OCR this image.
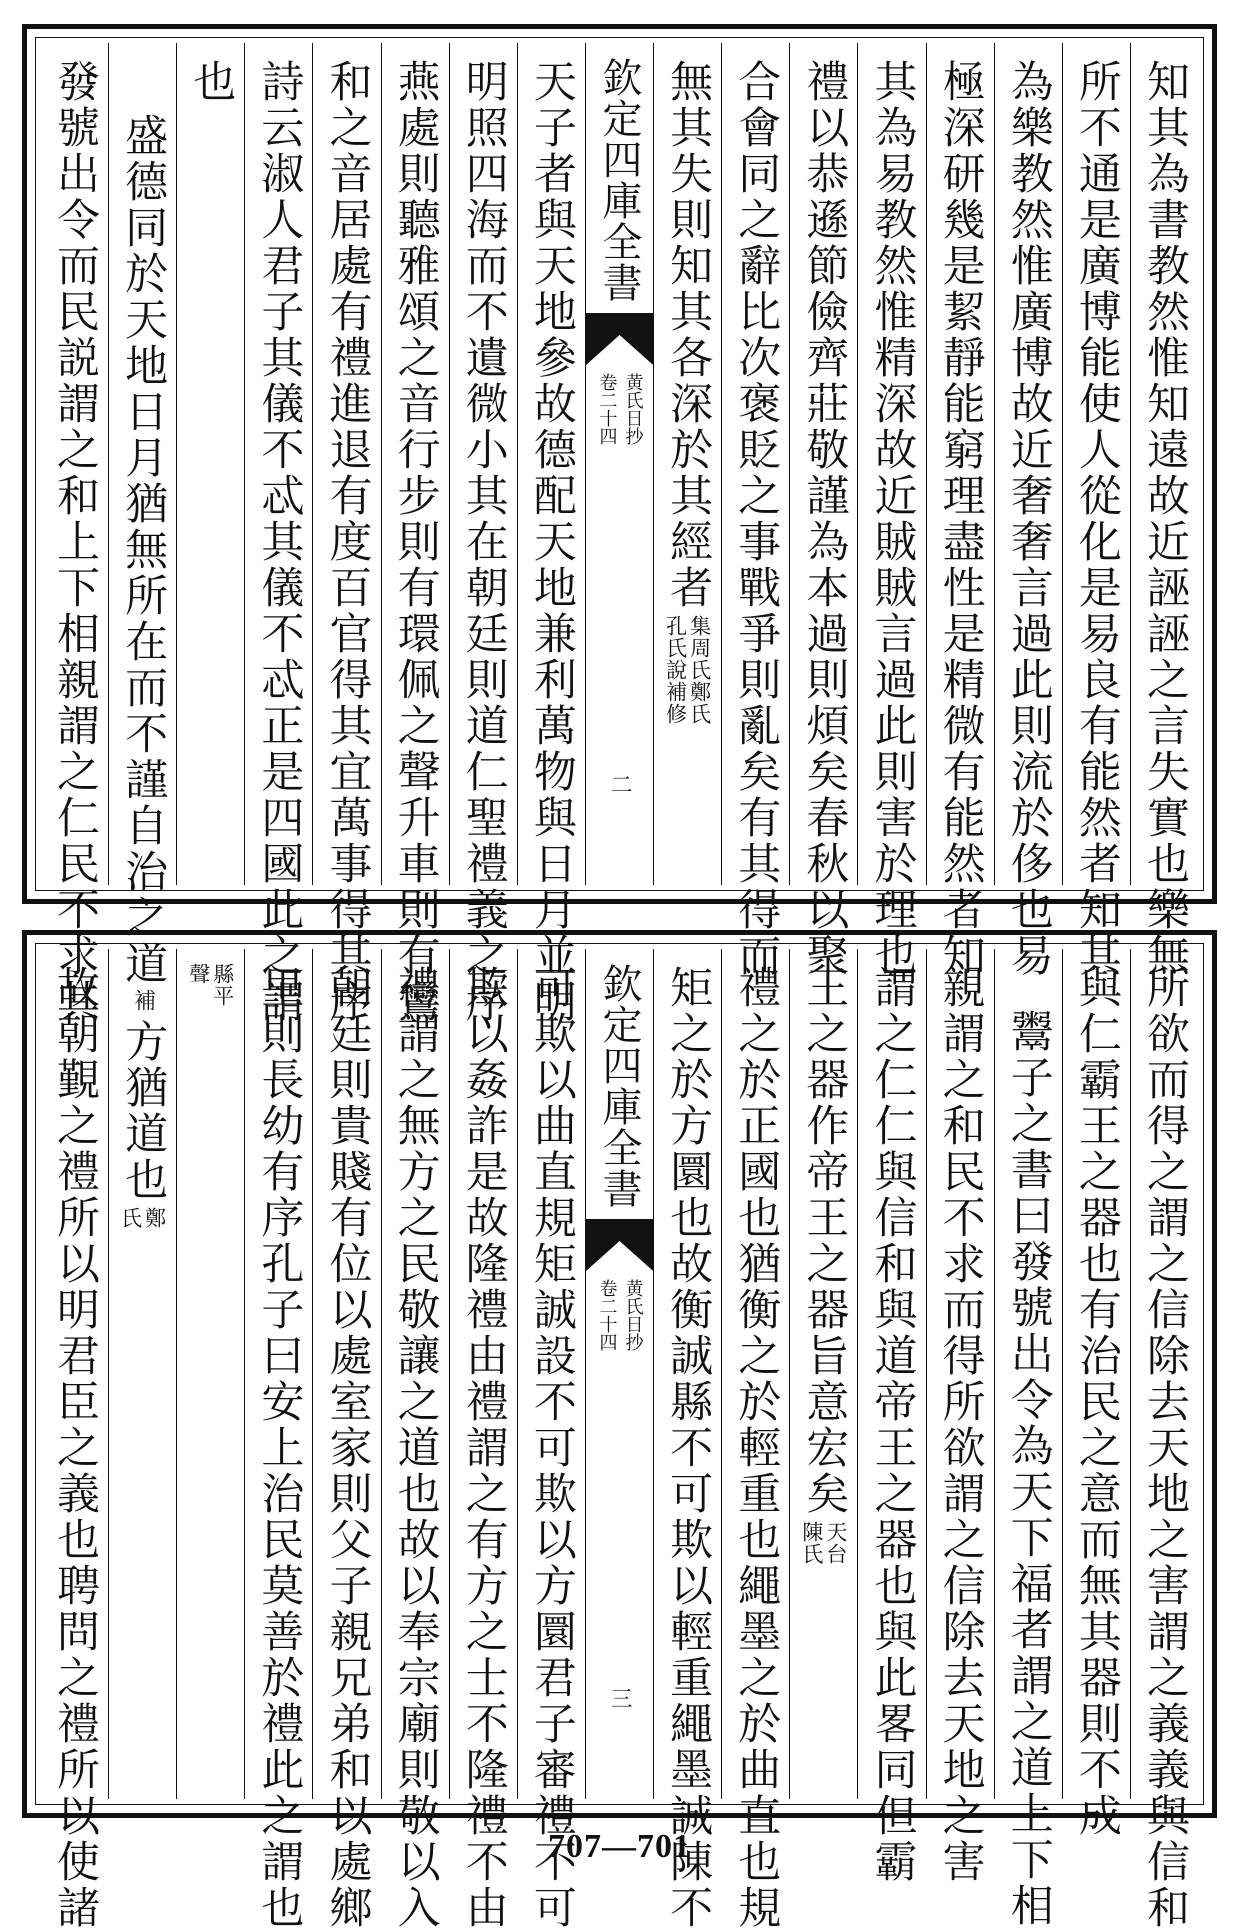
知其為書教然惟知遠故近誣誣之言失實也樂無
所不通是廣博能使人從化是易良有能然者知其
為樂教然惟廣博故近奢奢言過此則流於侈也易
極深研幾是絜靜能窮理盡性是精微有能然者知
其為易教然惟精深故近賊賊言過此則害於理也
禮以恭遜節儉齊莊敬謹為本過則煩矣春秋以聚
合會同之辭比次褒貶之事戰爭則亂矣有其得而
無其失則知其各深於其經者
集周氏鄭氏
孔氏說補修
欽定四庫全書
黄氏日抄
卷二十四
二
天子者與天地參故德配天地兼利萬物與日月並明
明照四海而不遺微小其在朝廷則道仁聖禮義之序
燕處則聽雅頌之音行步則有環佩之聲升車則有鸞
和之音居處有禮進退有度百官得其宜萬事得其序
詩云淑人君子其儀不忒其儀不忒正是四國此之謂
也
盛德同於天地日月猶無所在而不謹自治之道
補
發號出令而民説謂之和上下相親謂之仁民不求其
所欲而得之謂之信除去天地之害謂之義義與信和
與仁霸王之器也有治民之意而無其器則不成
鬻子之書曰發號出令為天下福者謂之道上下相
親謂之和民不求而得所欲謂之信除去天地之害
謂之仁仁與信和與道帝王之器也與此畧同但霸
王之器作帝王之器旨意宏矣
天台
陳氏
禮之於正國也猶衡之於輕重也繩墨之於曲直也規
矩之於方圜也故衡誠縣不可欺以輕重繩墨誠陳不
欽定四庫全書
黄氏日抄
卷二十四
三
可欺以曲直規矩誠設不可欺以方圜君子審禮不可
欺以姦詐是故隆禮由禮謂之有方之士不隆禮不由
禮謂之無方之民敬讓之道也故以奉宗廟則敬以入
朝廷則貴賤有位以處室家則父子親兄弟和以處鄉
里則長幼有序孔子曰安上治民莫善於禮此之謂也
縣平
聲
方猶道也
鄭
氏
故朝覲之禮所以明君臣之義也聘問之禮所以使諸	707—701
